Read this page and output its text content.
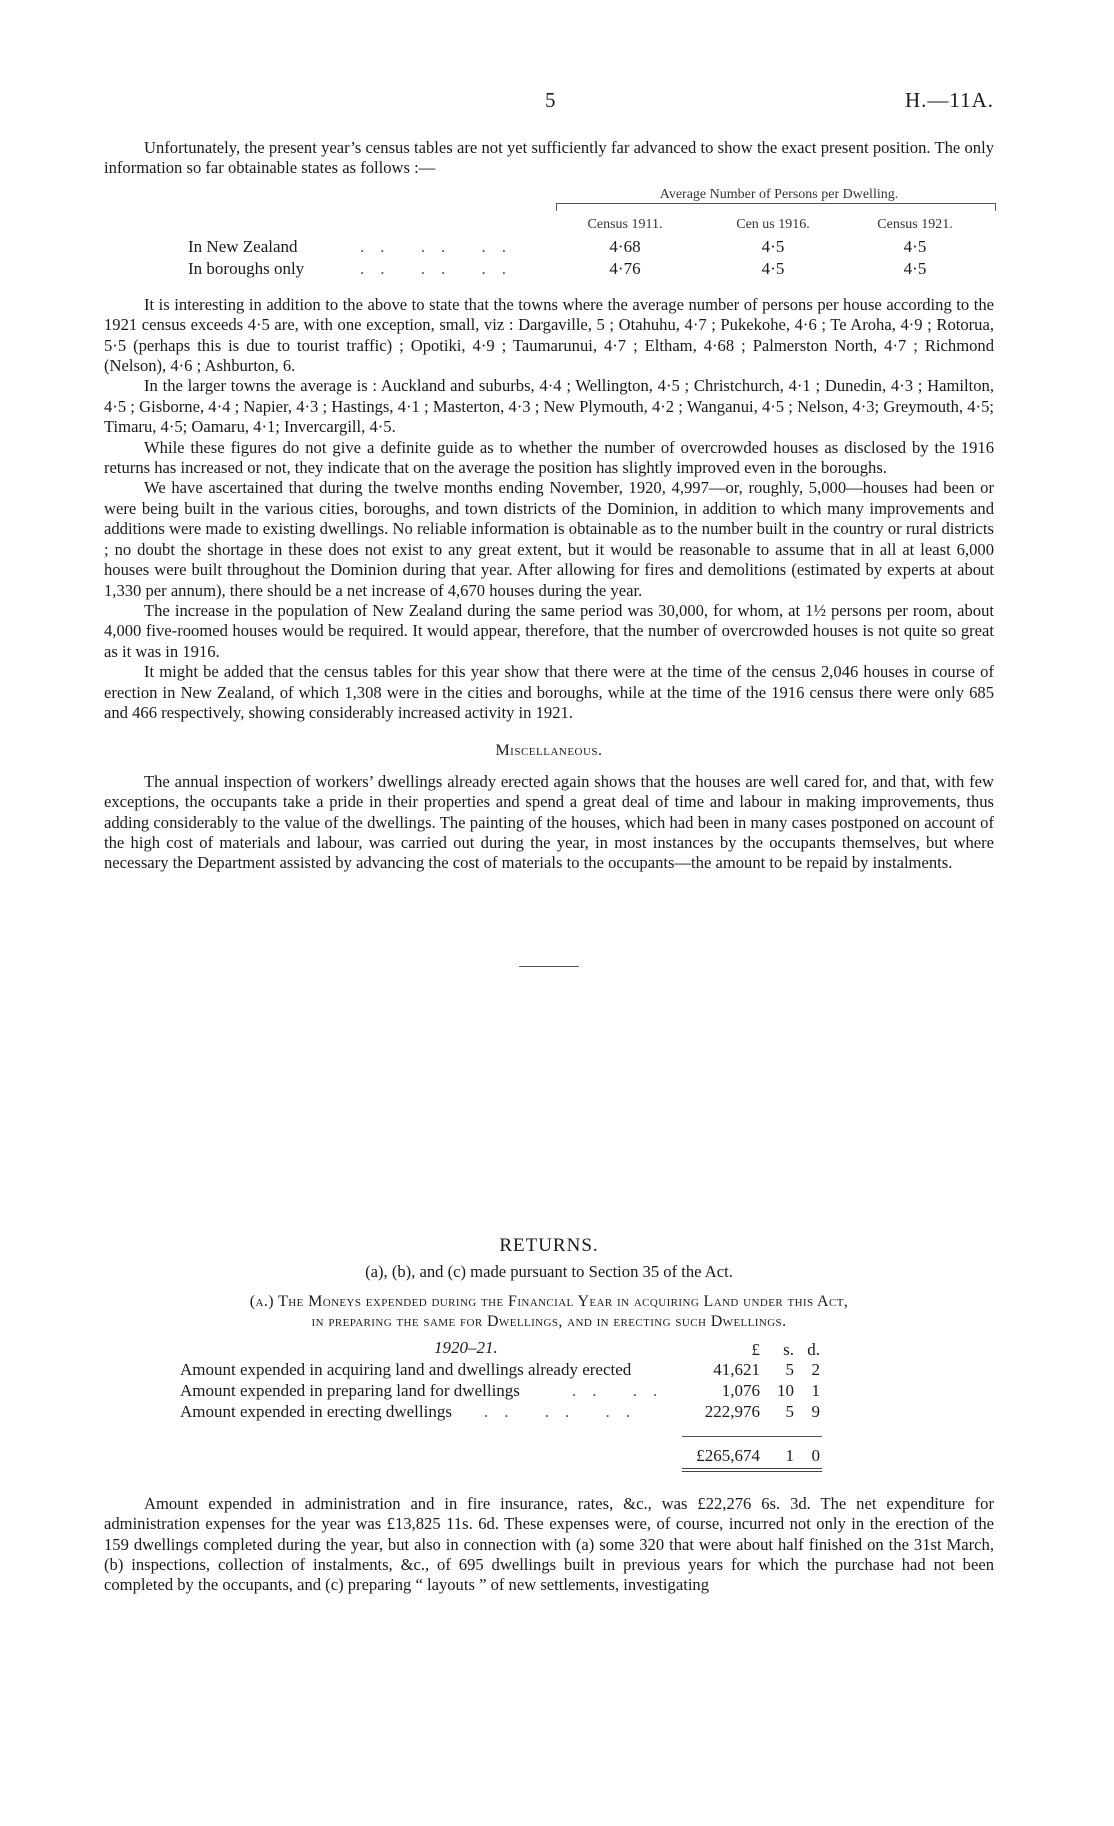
5	H.—11A.

Unfortunately, the present year’s census tables are not yet sufficiently far advanced to show the exact present position. The only information so far obtainable states as follows :—

Average Number of Persons per Dwelling.
Census 1911.	Cen us 1916.	Census 1921.
In New Zealand	.. .. ..	4·68	4·5	4·5
In boroughs only	.. .. ..	4·76	4·5	4·5

It is interesting in addition to the above to state that the towns where the average number of persons per house according to the 1921 census exceeds 4·5 are, with one exception, small, viz : Dargaville, 5 ; Otahuhu, 4·7 ; Pukekohe, 4·6 ; Te Aroha, 4·9 ; Rotorua, 5·5 (perhaps this is due to tourist traffic) ; Opotiki, 4·9 ; Taumarunui, 4·7 ; Eltham, 4·68 ; Palmerston North, 4·7 ; Richmond (Nelson), 4·6 ; Ashburton, 6.

In the larger towns the average is : Auckland and suburbs, 4·4 ; Wellington, 4·5 ; Christchurch, 4·1 ; Dunedin, 4·3 ; Hamilton, 4·5 ; Gisborne, 4·4 ; Napier, 4·3 ; Hastings, 4·1 ; Masterton, 4·3 ; New Plymouth, 4·2 ; Wanganui, 4·5 ; Nelson, 4·3; Greymouth, 4·5; Timaru, 4·5; Oamaru, 4·1; Invercargill, 4·5.

While these figures do not give a definite guide as to whether the number of overcrowded houses as disclosed by the 1916 returns has increased or not, they indicate that on the average the position has slightly improved even in the boroughs.

We have ascertained that during the twelve months ending November, 1920, 4,997—or, roughly, 5,000—houses had been or were being built in the various cities, boroughs, and town districts of the Dominion, in addition to which many improvements and additions were made to existing dwellings. No reliable information is obtainable as to the number built in the country or rural districts ; no doubt the shortage in these does not exist to any great extent, but it would be reasonable to assume that in all at least 6,000 houses were built throughout the Dominion during that year. After allowing for fires and demolitions (estimated by experts at about 1,330 per annum), there should be a net increase of 4,670 houses during the year.

The increase in the population of New Zealand during the same period was 30,000, for whom, at 1½ persons per room, about 4,000 five-roomed houses would be required. It would appear, therefore, that the number of overcrowded houses is not quite so great as it was in 1916.

It might be added that the census tables for this year show that there were at the time of the census 2,046 houses in course of erection in New Zealand, of which 1,308 were in the cities and boroughs, while at the time of the 1916 census there were only 685 and 466 respectively, showing considerably increased activity in 1921.

Miscellaneous.

The annual inspection of workers’ dwellings already erected again shows that the houses are well cared for, and that, with few exceptions, the occupants take a pride in their properties and spend a great deal of time and labour in making improvements, thus adding considerably to the value of the dwellings. The painting of the houses, which had been in many cases postponed on account of the high cost of materials and labour, was carried out during the year, in most instances by the occupants themselves, but where necessary the Department assisted by advancing the cost of materials to the occupants—the amount to be repaid by instalments.

RETURNS.
(a), (b), and (c) made pursuant to Section 35 of the Act.
(a.) The Moneys expended during the Financial Year in acquiring Land under this Act,
in preparing the same for Dwellings, and in erecting such Dwellings.
1920–21.	£	s. d.
Amount expended in acquiring land and dwellings already erected	41,621	5	2
Amount expended in preparing land for dwellings	.. ..	1,076	10	1
Amount expended in erecting dwellings .. .. ..	222,976	5	9
£265,674	1	0

Amount expended in administration and in fire insurance, rates, &c., was £22,276 6s. 3d. The net expenditure for administration expenses for the year was £13,825 11s. 6d. These expenses were, of course, incurred not only in the erection of the 159 dwellings completed during the year, but also in connection with (a) some 320 that were about half finished on the 31st March, (b) inspections, collection of instalments, &c., of 695 dwellings built in previous years for which the purchase had not been completed by the occupants, and (c) preparing “ layouts ” of new settlements, investigating
